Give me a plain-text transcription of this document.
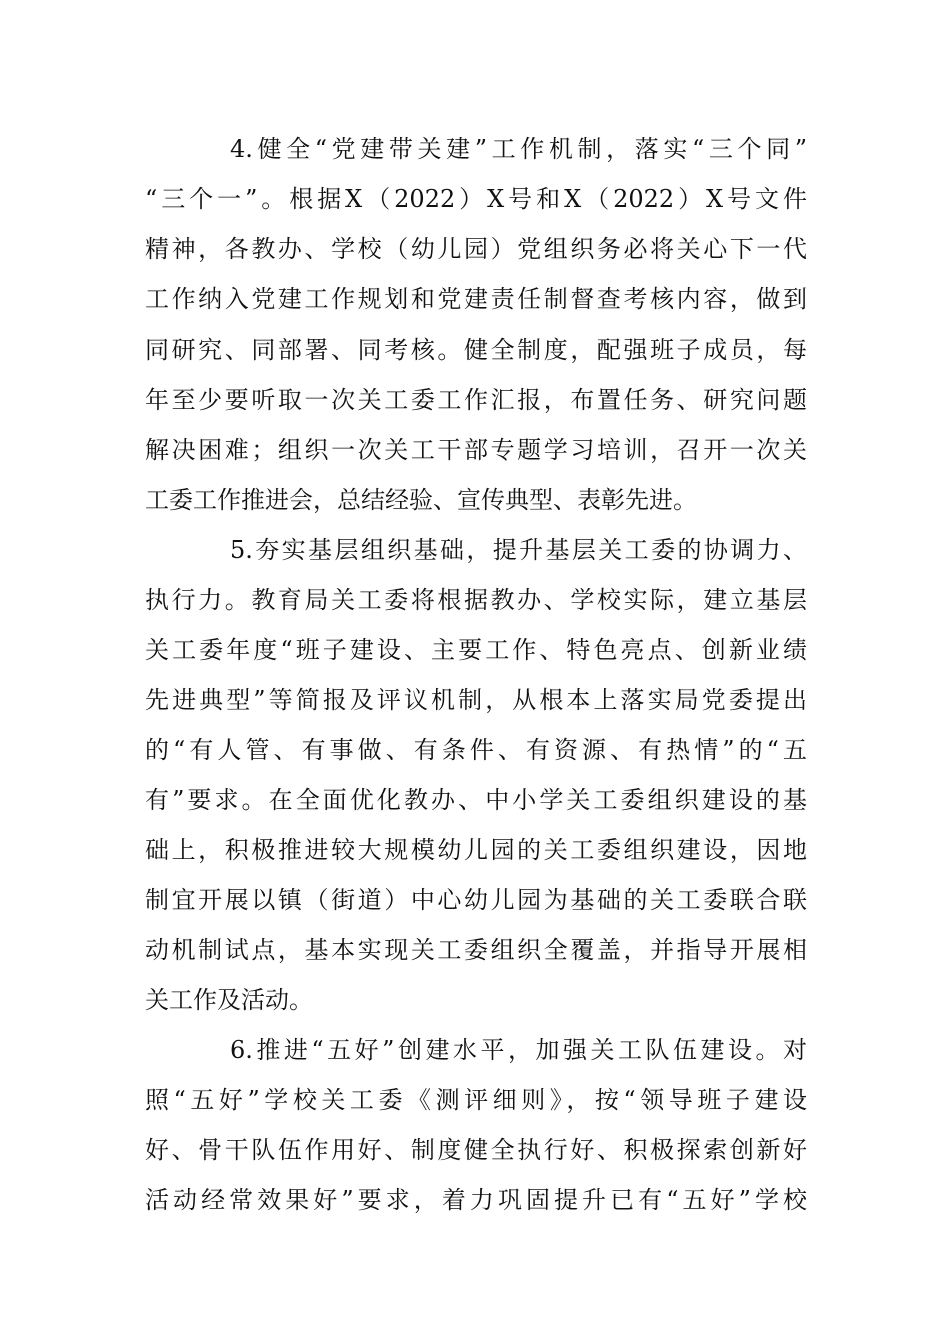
4.健全“党建带关建”工作机制，落实“三个同”
“三个一”。根据X（2022）X号和X（2022）X号文件
精神，各教办、学校（幼儿园）党组织务必将关心下一代
工作纳入党建工作规划和党建责任制督查考核内容，做到
同研究、同部署、同考核。健全制度，配强班子成员，每
年至少要听取一次关工委工作汇报，布置任务、研究问题
解决困难；组织一次关工干部专题学习培训，召开一次关
工委工作推进会，总结经验、宣传典型、表彰先进。
5.夯实基层组织基础，提升基层关工委的协调力、
执行力。教育局关工委将根据教办、学校实际，建立基层
关工委年度“班子建设、主要工作、特色亮点、创新业绩
先进典型”等简报及评议机制，从根本上落实局党委提出
的“有人管、有事做、有条件、有资源、有热情”的“五
有”要求。在全面优化教办、中小学关工委组织建设的基
础上，积极推进较大规模幼儿园的关工委组织建设，因地
制宜开展以镇（街道）中心幼儿园为基础的关工委联合联
动机制试点，基本实现关工委组织全覆盖，并指导开展相
关工作及活动。
6.推进“五好”创建水平，加强关工队伍建设。对
照“五好”学校关工委《测评细则》，按“领导班子建设
好、骨干队伍作用好、制度健全执行好、积极探索创新好
活动经常效果好”要求，着力巩固提升已有“五好”学校
